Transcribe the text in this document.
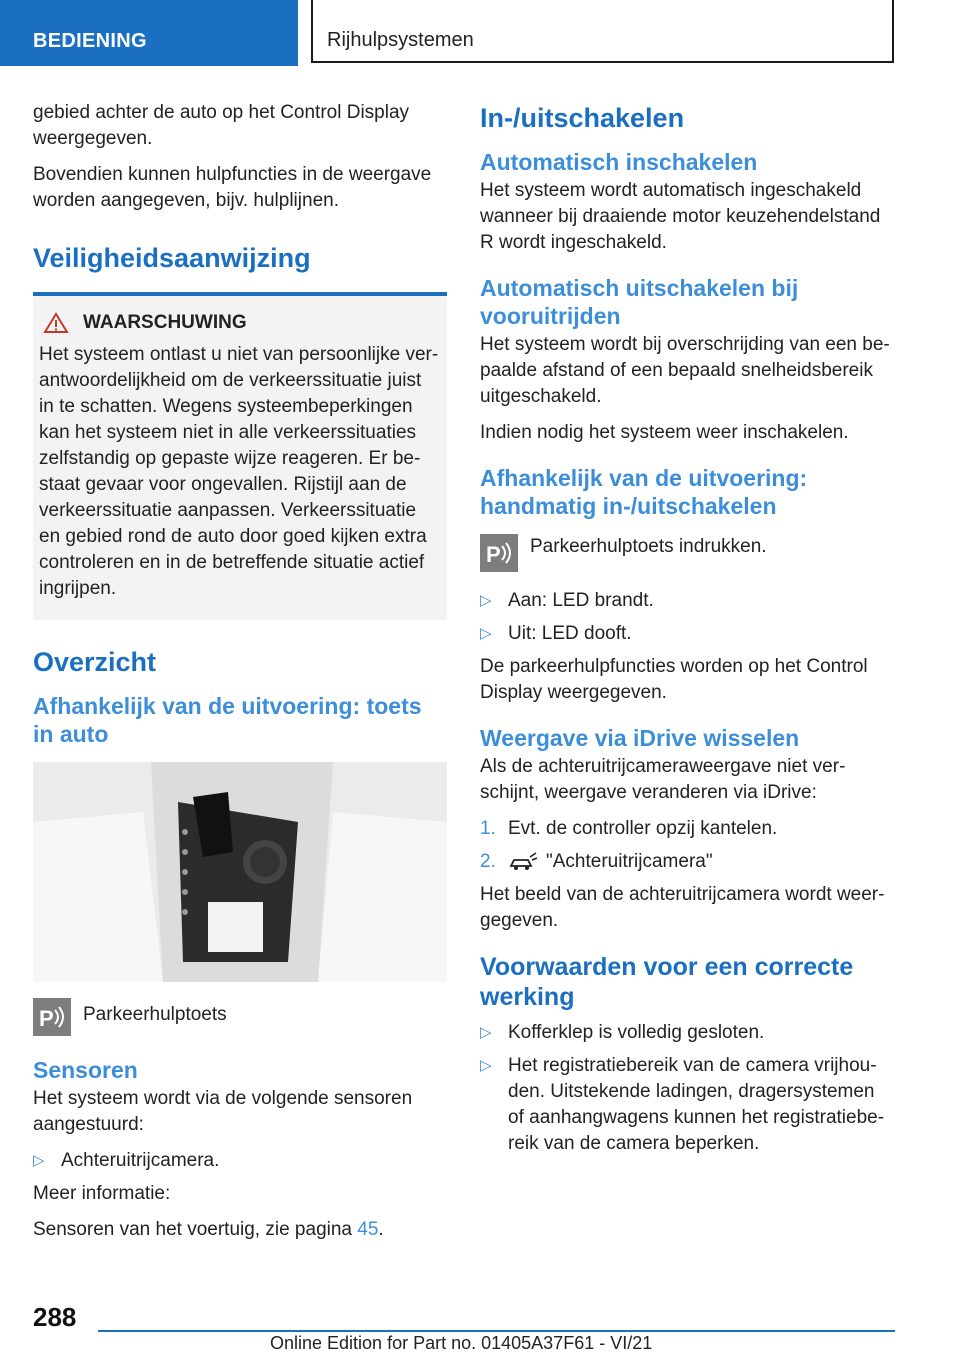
BEDIENING	Rijhulpsystemen

gebied achter de auto op het Control Display weergegeven.

Bovendien kunnen hulpfuncties in de weergave worden aangegeven, bijv. hulplijnen.

Veiligheidsaanwijzing
WAARSCHUWING

Het systeem ontlast u niet van persoonlijke verantwoordelijkheid om de verkeerssituatie juist in te schatten. Wegens systeembeperkingen kan het systeem niet in alle verkeerssituaties zelfstandig op gepaste wijze reageren. Er bestaat gevaar voor ongevallen. Rijstijl aan de verkeerssituatie aanpassen. Verkeerssituatie en gebied rond de auto door goed kijken extra controleren en in de betreffende situatie actief ingrijpen.

Overzicht
Afhankelijk van de uitvoering: toets in auto
P Parkeerhulptoets

Sensoren

Het systeem wordt via de volgende sensoren aangestuurd:

▷ Achteruitrijcamera.

Meer informatie:

Sensoren van het voertuig, zie pagina 45.

In-/uitschakelen
Automatisch inschakelen

Het systeem wordt automatisch ingeschakeld wanneer bij draaiende motor keuzehendelstand R wordt ingeschakeld.

Automatisch uitschakelen bij vooruitrijden

Het systeem wordt bij overschrijding van een bepaalde afstand of een bepaald snelheidsbereik uitgeschakeld.

Indien nodig het systeem weer inschakelen.

Afhankelijk van de uitvoering: handmatig in-/uitschakelen
P Parkeerhulptoets indrukken.

▷ Aan: LED brandt.
▷ Uit: LED dooft.

De parkeerhulpfuncties worden op het Control Display weergegeven.

Weergave via iDrive wisselen

Als de achteruitrijcameraweergave niet verschijnt, weergave veranderen via iDrive:

1. Evt. de controller opzij kantelen.
2.	"Achteruitrijcamera"

Het beeld van de achteruitrijcamera wordt weergegeven.

Voorwaarden voor een correcte werking
▷ Kofferklep is volledig gesloten.
▷ Het registratiebereik van de camera vrijhouden. Uitstekende ladingen, dragersystemen of aanhangwagens kunnen het registratiebereik van de camera beperken.
288
Online Edition for Part no. 01405A37F61 - VI/21
